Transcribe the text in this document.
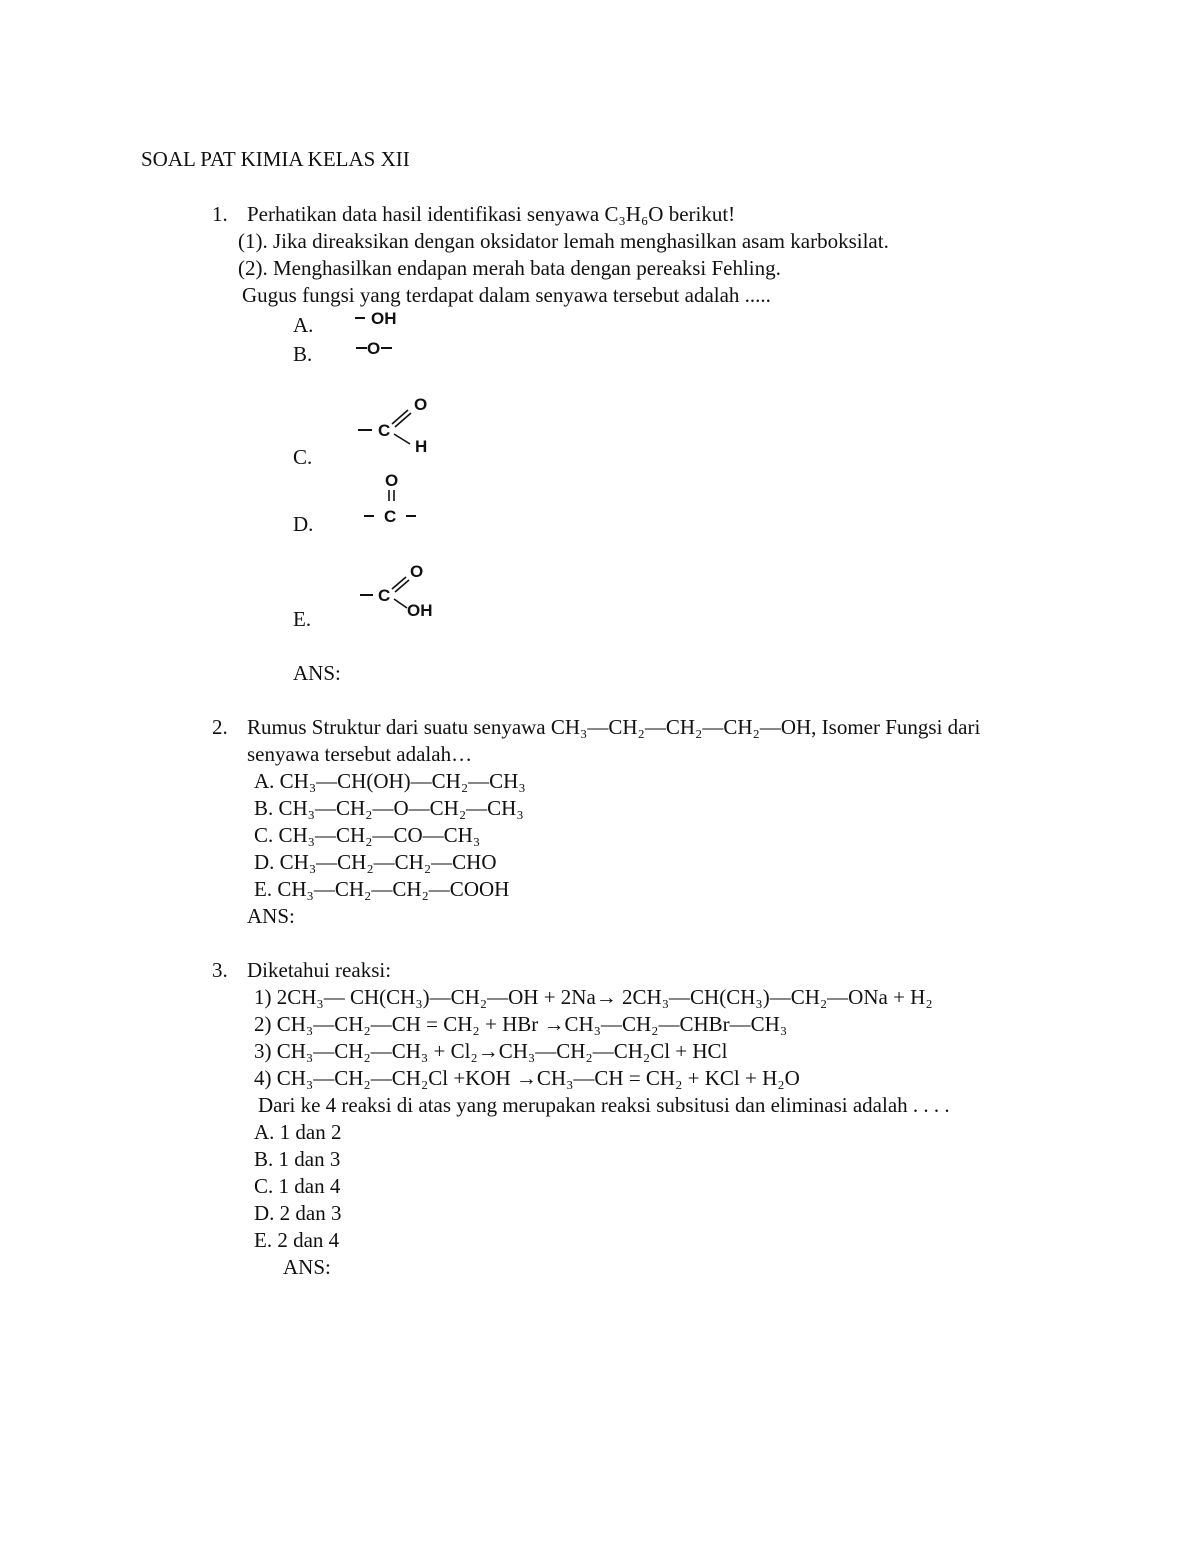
SOAL PAT KIMIA KELAS XII
1. Perhatikan data hasil identifikasi senyawa C₃H₆O berikut!
(1). Jika direaksikan dengan oksidator lemah menghasilkan asam karboksilat.
(2). Menghasilkan endapan merah bata dengan pereaksi Fehling.
Gugus fungsi yang terdapat dalam senyawa tersebut adalah .....
A.
B.
C.
D.
E.
OH
O
C
O
H
O
C
C
O
OH
ANS:
2. Rumus Struktur dari suatu senyawa CH₃—CH₂—CH₂—CH₂—OH, Isomer Fungsi dari
senyawa tersebut adalah…
A. CH₃—CH(OH)—CH₂—CH₃
B. CH₃—CH₂—O—CH₂—CH₃
C. CH₃—CH₂—CO—CH₃
D. CH₃—CH₂—CH₂—CHO
E. CH₃—CH₂—CH₂—COOH
ANS:
3. Diketahui reaksi:
1) 2CH₃— CH(CH₃)—CH₂—OH + 2Na→ 2CH₃—CH(CH₃)—CH₂—ONa + H₂
2) CH₃—CH₂—CH = CH₂ + HBr →CH₃—CH₂—CHBr—CH₃
3) CH₃—CH₂—CH₃ + Cl₂→CH₃—CH₂—CH₂Cl + HCl
4) CH₃—CH₂—CH₂Cl +KOH →CH₃—CH = CH₂ + KCl + H₂O
Dari ke 4 reaksi di atas yang merupakan reaksi subsitusi dan eliminasi adalah . . . .
A. 1 dan 2
B. 1 dan 3
C. 1 dan 4
D. 2 dan 3
E. 2 dan 4
ANS:
